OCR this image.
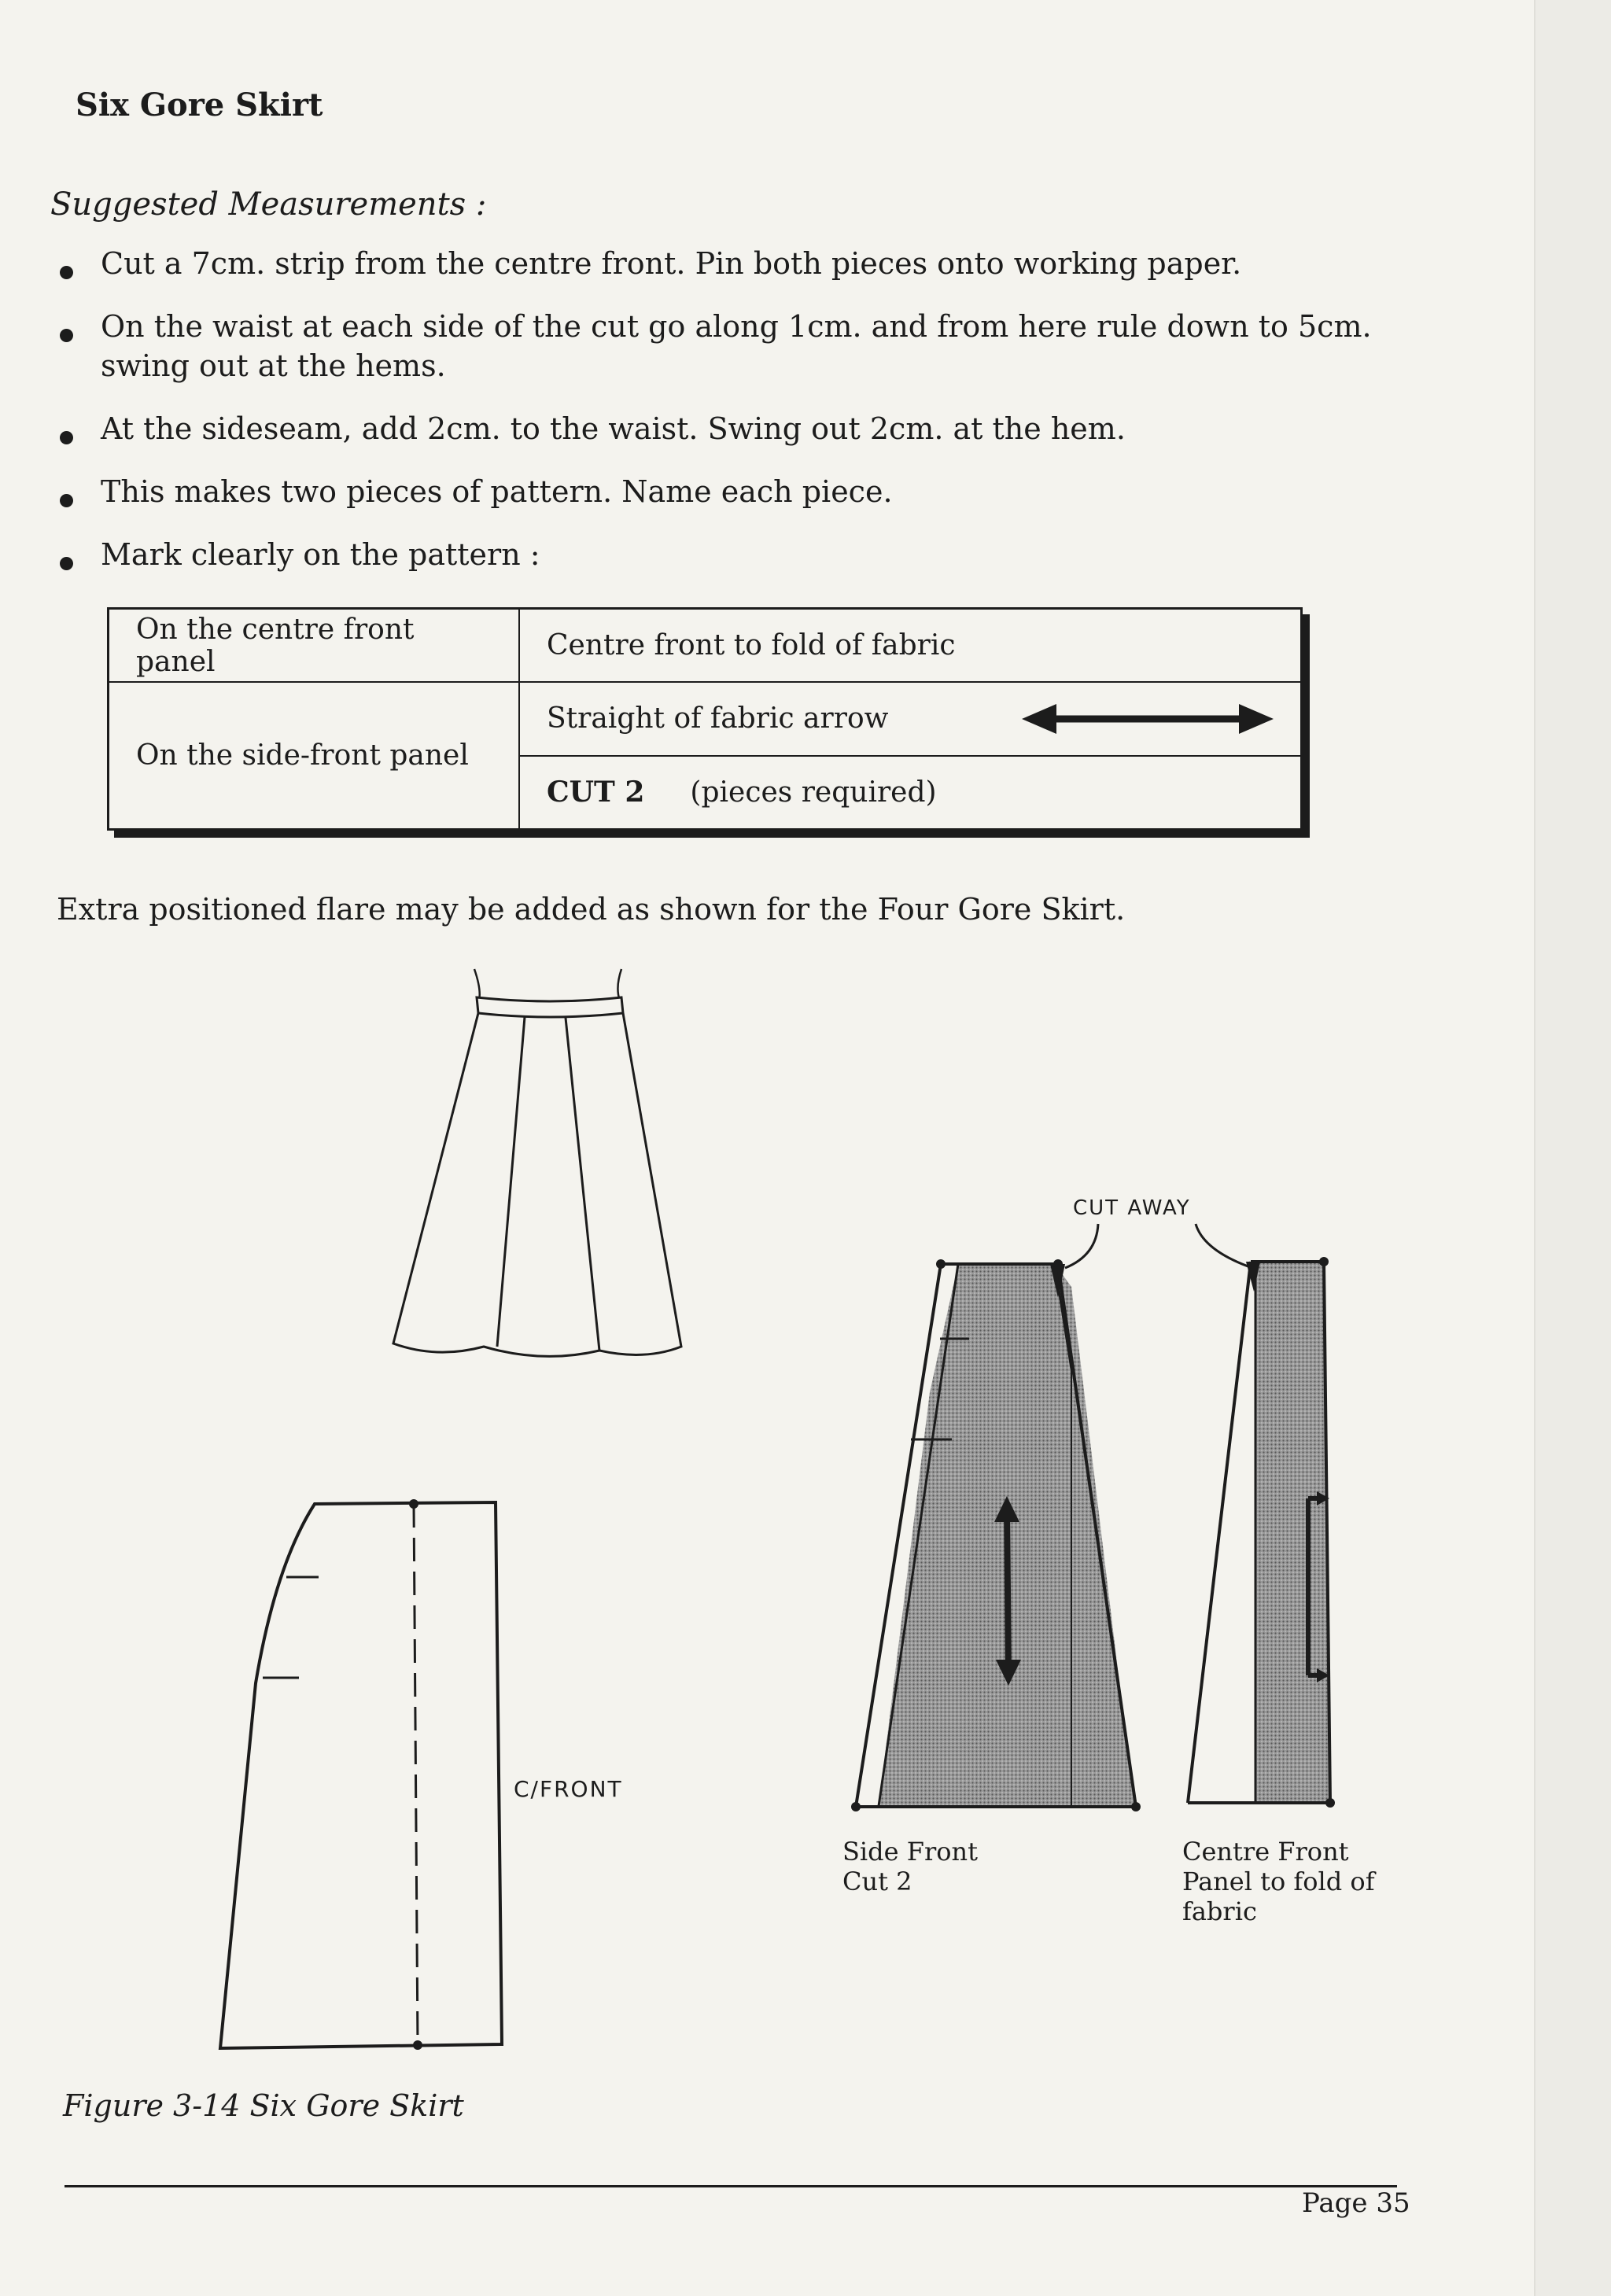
Six Gore Skirt
Suggested Measurements :
Cut a 7cm. strip from the centre front. Pin both pieces onto working paper.
On the waist at each side of the cut go along 1cm. and from here rule down to 5cm. swing out at the hems.
At the sideseam, add 2cm. to the waist. Swing out 2cm. at the hem.
This makes two pieces of pattern. Name each piece.
Mark clearly on the pattern :
On the centre front panel	Centre front to fold of fabric
On the side-front panel	Straight of fabric arrow

	CUT 2 (pieces required)
Extra positioned flare may be added as shown for the Four Gore Skirt.
CUT AWAY
C/FRONT
Side Front
Cut 2
Centre Front
Panel to fold of
fabric
Figure 3-14 Six Gore Skirt
Page 35
